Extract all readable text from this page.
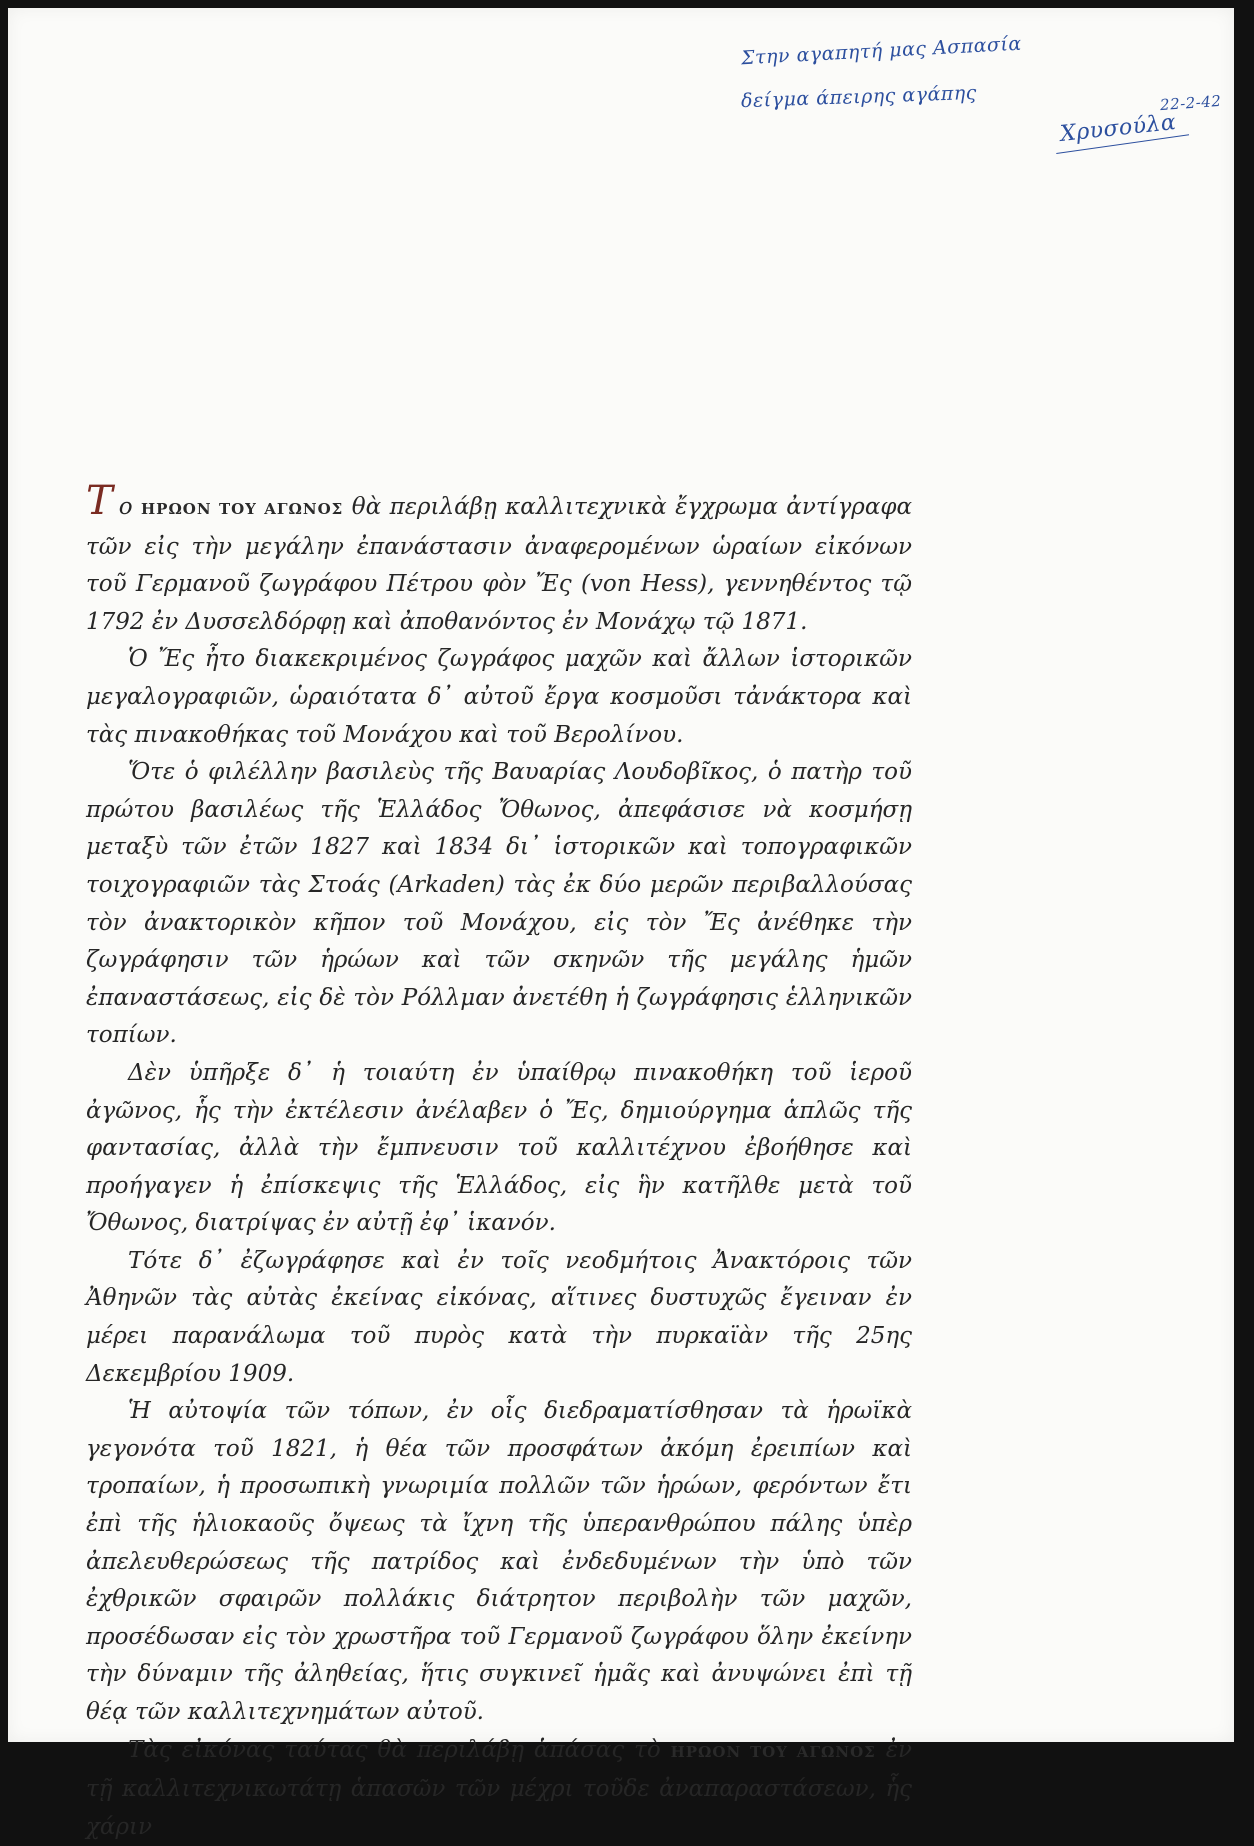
Στην αγαπητή μας Ασπασία
δείγμα άπειρης αγάπης	22-2-42
Χρυσούλα

Το ΗΡΩΟΝ ΤΟΥ ΑΓΩΝΟΣ θὰ περιλάβῃ καλλιτεχνικὰ ἔγχρωμα ἀντίγραφα τῶν εἰς τὴν μεγάλην ἐπανάστασιν ἀναφερομένων ὡραίων εἰκόνων τοῦ Γερμανοῦ ζωγράφου Πέτρου φὸν Ἔς (von Hess), γεννηθέντος τῷ 1792 ἐν Δυσσελδόρφῃ καὶ ἀποθανόντος ἐν Μονάχῳ τῷ 1871.

Ὁ Ἔς ἦτο διακεκριμένος ζωγράφος μαχῶν καὶ ἄλλων ἱστορικῶν μεγαλογραφιῶν, ὡραιότατα δ᾿ αὐτοῦ ἔργα κοσμοῦσι τἀνάκτορα καὶ τὰς πινακοθήκας τοῦ Μονάχου καὶ τοῦ Βερολίνου.

Ὅτε ὁ φιλέλλην βασιλεὺς τῆς Βαυαρίας Λουδοβῖκος, ὁ πατὴρ τοῦ πρώτου βασιλέως τῆς Ἑλλάδος Ὄθωνος, ἀπεφάσισε νὰ κοσμήσῃ μεταξὺ τῶν ἐτῶν 1827 καὶ 1834 δι᾿ ἱστορικῶν καὶ τοπογραφικῶν τοιχογραφιῶν τὰς Στοάς (Arkaden) τὰς ἐκ δύο μερῶν περιβαλλούσας τὸν ἀνακτορικὸν κῆπον τοῦ Μονάχου, εἰς τὸν Ἔς ἀνέθηκε τὴν ζωγράφησιν τῶν ἡρώων καὶ τῶν σκηνῶν τῆς μεγάλης ἡμῶν ἐπαναστάσεως, εἰς δὲ τὸν Ρόλλμαν ἀνετέθη ἡ ζωγράφησις ἑλληνικῶν τοπίων.

Δὲν ὑπῆρξε δ᾿ ἡ τοιαύτη ἐν ὑπαίθρῳ πινακοθήκη τοῦ ἱεροῦ ἀγῶνος, ἧς τὴν ἐκτέλεσιν ἀνέλαβεν ὁ Ἔς, δημιούργημα ἁπλῶς τῆς φαντασίας, ἀλλὰ τὴν ἔμπνευσιν τοῦ καλλιτέχνου ἐβοήθησε καὶ προήγαγεν ἡ ἐπίσκεψις τῆς Ἑλλάδος, εἰς ἣν κατῆλθε μετὰ τοῦ Ὄθωνος, διατρίψας ἐν αὐτῇ ἐφ᾿ ἱκανόν.

Τότε δ᾿ ἐζωγράφησε καὶ ἐν τοῖς νεοδμήτοις Ἀνακτόροις τῶν Ἀθηνῶν τὰς αὐτὰς ἐκείνας εἰκόνας, αἵτινες δυστυχῶς ἔγειναν ἐν μέρει παρανάλωμα τοῦ πυρὸς κατὰ τὴν πυρκαϊὰν τῆς 25ης Δεκεμβρίου 1909.

Ἡ αὐτοψία τῶν τόπων, ἐν οἷς διεδραματίσθησαν τὰ ἡρωϊκὰ γεγονότα τοῦ 1821, ἡ θέα τῶν προσφάτων ἀκόμη ἐρειπίων καὶ τροπαίων, ἡ προσωπικὴ γνωριμία πολλῶν τῶν ἡρώων, φερόντων ἔτι ἐπὶ τῆς ἡλιοκαοῦς ὄψεως τὰ ἴχνη τῆς ὑπερανθρώπου πάλης ὑπὲρ ἀπελευθερώσεως τῆς πατρίδος καὶ ἐνδεδυμένων τὴν ὑπὸ τῶν ἐχθρικῶν σφαιρῶν πολλάκις διάτρητον περιβολὴν τῶν μαχῶν, προσέδωσαν εἰς τὸν χρωστῆρα τοῦ Γερμανοῦ ζωγράφου ὅλην ἐκείνην τὴν δύναμιν τῆς ἀληθείας, ἥτις συγκινεῖ ἡμᾶς καὶ ἀνυψώνει ἐπὶ τῇ θέᾳ τῶν καλλιτεχνημάτων αὐτοῦ.

Τὰς εἰκόνας ταύτας θὰ περιλάβῃ ἁπάσας τὸ ΗΡΩΟΝ ΤΟΥ ΑΓΩΝΟΣ ἐν τῇ καλλιτεχνικωτάτῃ ἁπασῶν τῶν μέχρι τοῦδε ἀναπαραστάσεων, ἧς χάριν
